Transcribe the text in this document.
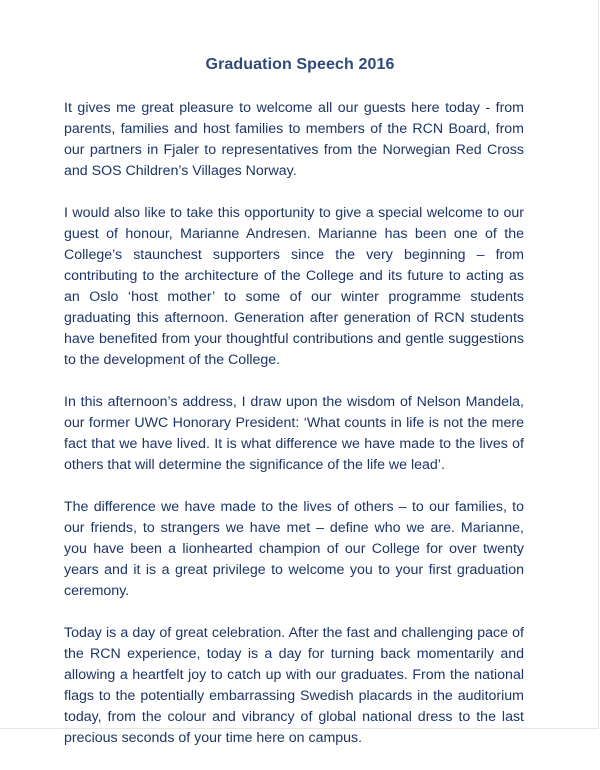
Graduation Speech 2016

It gives me great pleasure to welcome all our guests here today - from parents, families and host families to members of the RCN Board, from our partners in Fjaler to representatives from the Norwegian Red Cross and SOS Children’s Villages Norway.

I would also like to take this opportunity to give a special welcome to our guest of honour, Marianne Andresen. Marianne has been one of the College’s staunchest supporters since the very beginning – from contributing to the architecture of the College and its future to acting as an Oslo ‘host mother’ to some of our winter programme students graduating this afternoon. Generation after generation of RCN students have benefited from your thoughtful contributions and gentle suggestions to the development of the College.

In this afternoon’s address, I draw upon the wisdom of Nelson Mandela, our former UWC Honorary President: ‘What counts in life is not the mere fact that we have lived. It is what difference we have made to the lives of others that will determine the significance of the life we lead’.

The difference we have made to the lives of others – to our families, to our friends, to strangers we have met – define who we are. Marianne, you have been a lionhearted champion of our College for over twenty years and it is a great privilege to welcome you to your first graduation ceremony.

Today is a day of great celebration. After the fast and challenging pace of the RCN experience, today is a day for turning back momentarily and allowing a heartfelt joy to catch up with our graduates. From the national flags to the potentially embarrassing Swedish placards in the auditorium today, from the colour and vibrancy of global national dress to the last precious seconds of your time here on campus.
